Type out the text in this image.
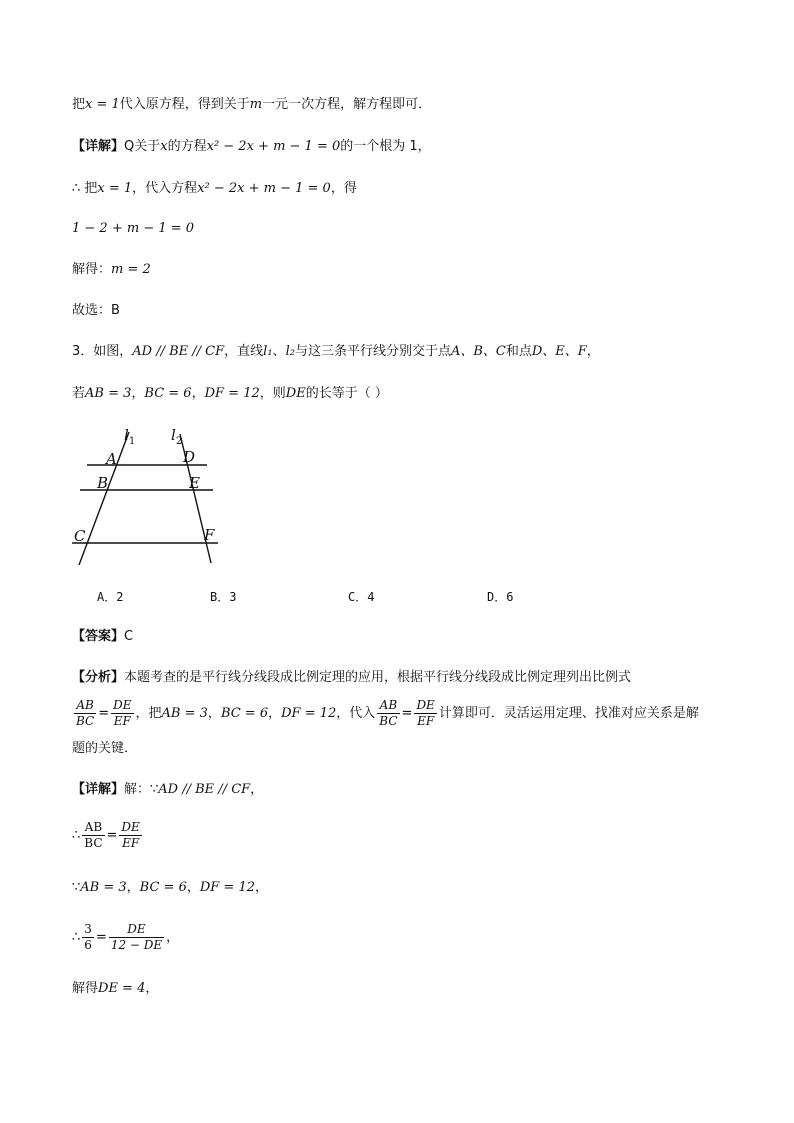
把x = 1代入原方程，得到关于m一元一次方程，解方程即可．
【详解】Q关于x的方程x² − 2x + m − 1 = 0的一个根为 1，
∴ 把x = 1，代入方程x² − 2x + m − 1 = 0，得
1 − 2 + m − 1 = 0
解得：m = 2
故选：B
3．如图，AD // BE // CF，直线l₁、l₂与这三条平行线分别交于点A、B、C和点D、E、F，
若AB = 3，BC = 6，DF = 12，则DE的长等于（ ）
$l_1$ $l_2$
A
B
C
D
E
F
A．2	B．3	C．4	D．6
【答案】C
【分析】本题考查的是平行线分线段成比例定理的应用，根据平行线分线段成比例定理列出比例式
$\frac{AB}{BC} = \frac{DE}{EF}$ ，把AB = 3，BC = 6，DF = 12，代入 $\frac{AB}{BC} = \frac{DE}{EF}$ 计算即可．灵活运用定理、找准对应关系是解
题的关键．
【详解】解：∵AD // BE // CF，
∴ $\frac{AB}{BC} = \frac{DE}{EF}$
∵AB = 3，BC = 6，DF = 12，
∴ $\frac{3}{6} = \frac{DE}{12 - DE}$ ，
解得DE = 4，
